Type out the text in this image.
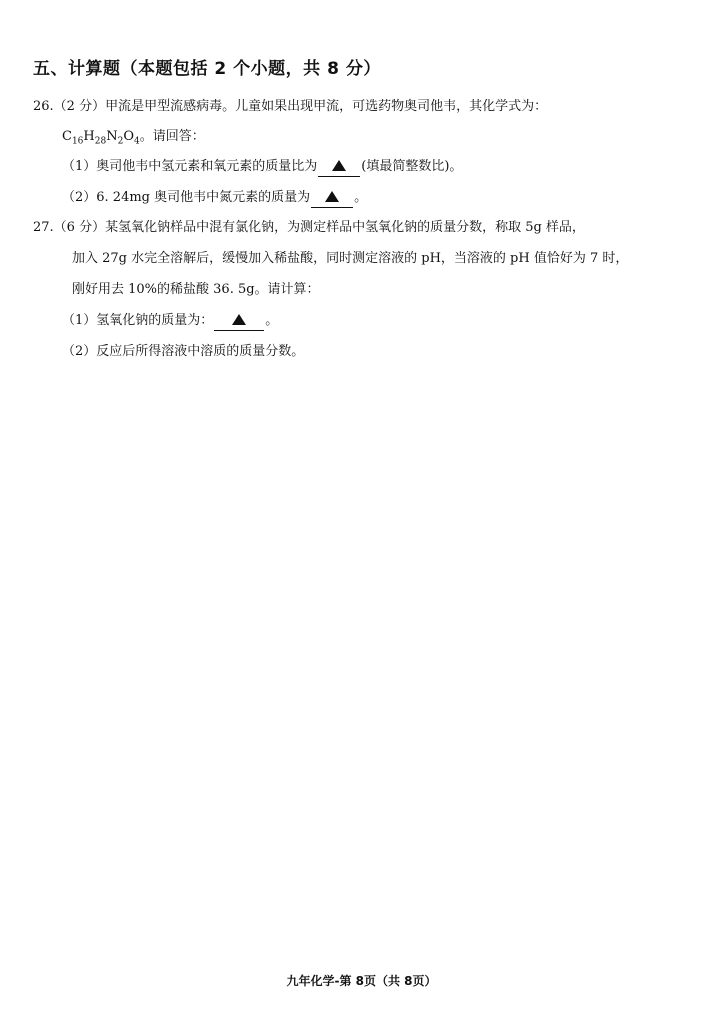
五、计算题（本题包括 2 个小题，共 8 分）
26.（2 分）甲流是甲型流感病毒。儿童如果出现甲流，可选药物奥司他韦，其化学式为：
$C_{16}H_{28}N_2O_4$。请回答：
（1）奥司他韦中氢元素和氧元素的质量比为	(填最简整数比)。
（2）6. 24mg 奥司他韦中氮元素的质量为	。
27.（6 分）某氢氧化钠样品中混有氯化钠，为测定样品中氢氧化钠的质量分数，称取 5g 样品，
加入 27g 水完全溶解后，缓慢加入稀盐酸，同时测定溶液的 pH，当溶液的 pH 值恰好为 7 时，
刚好用去 10%的稀盐酸 36. 5g。请计算：
（1）氢氧化钠的质量为：	。
（2）反应后所得溶液中溶质的质量分数。
九年化学-第 8页（共 8页）
